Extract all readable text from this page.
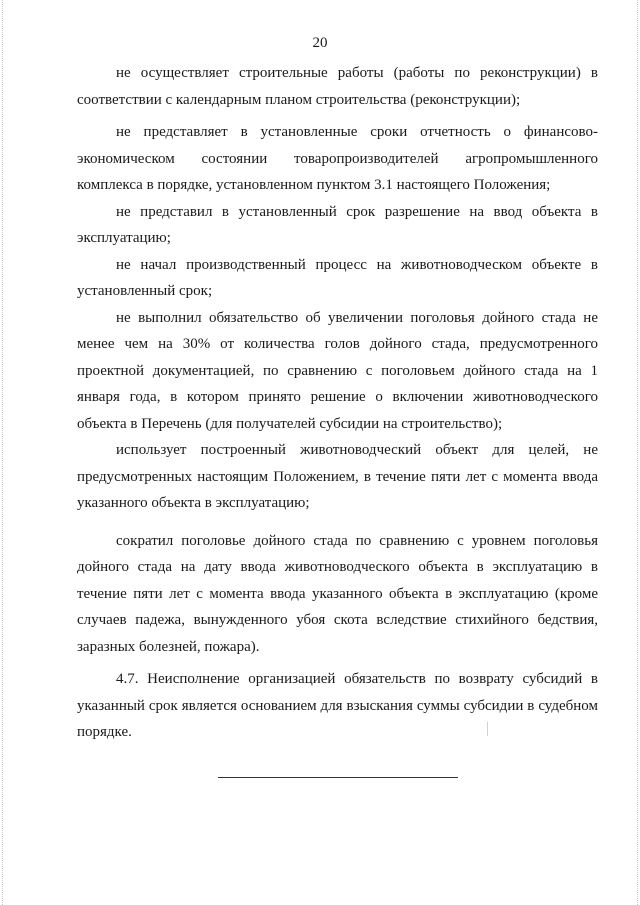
20

не осуществляет строительные работы (работы по реконструкции) в соответствии с календарным планом строительства (реконструкции);

не представляет в установленные сроки отчетность о финансово-экономическом состоянии товаропроизводителей агропромышленного комплекса в порядке, установленном пунктом 3.1 настоящего Положения;

не представил в установленный срок разрешение на ввод объекта в эксплуатацию;

не начал производственный процесс на животноводческом объекте в установленный срок;

не выполнил обязательство об увеличении поголовья дойного стада не менее чем на 30% от количества голов дойного стада, предусмотренного проектной документацией, по сравнению с поголовьем дойного стада на 1 января года, в котором принято решение о включении животноводческого объекта в Перечень (для получателей субсидии на строительство);

использует построенный животноводческий объект для целей, не предусмотренных настоящим Положением, в течение пяти лет с момента ввода указанного объекта в эксплуатацию;

сократил поголовье дойного стада по сравнению с уровнем поголовья дойного стада на дату ввода животноводческого объекта в эксплуатацию в течение пяти лет с момента ввода указанного объекта в эксплуатацию (кроме случаев падежа, вынужденного убоя скота вследствие стихийного бедствия, заразных болезней, пожара).

4.7. Неисполнение организацией обязательств по возврату субсидий в указанный срок является основанием для взыскания суммы субсидии в судебном порядке.
